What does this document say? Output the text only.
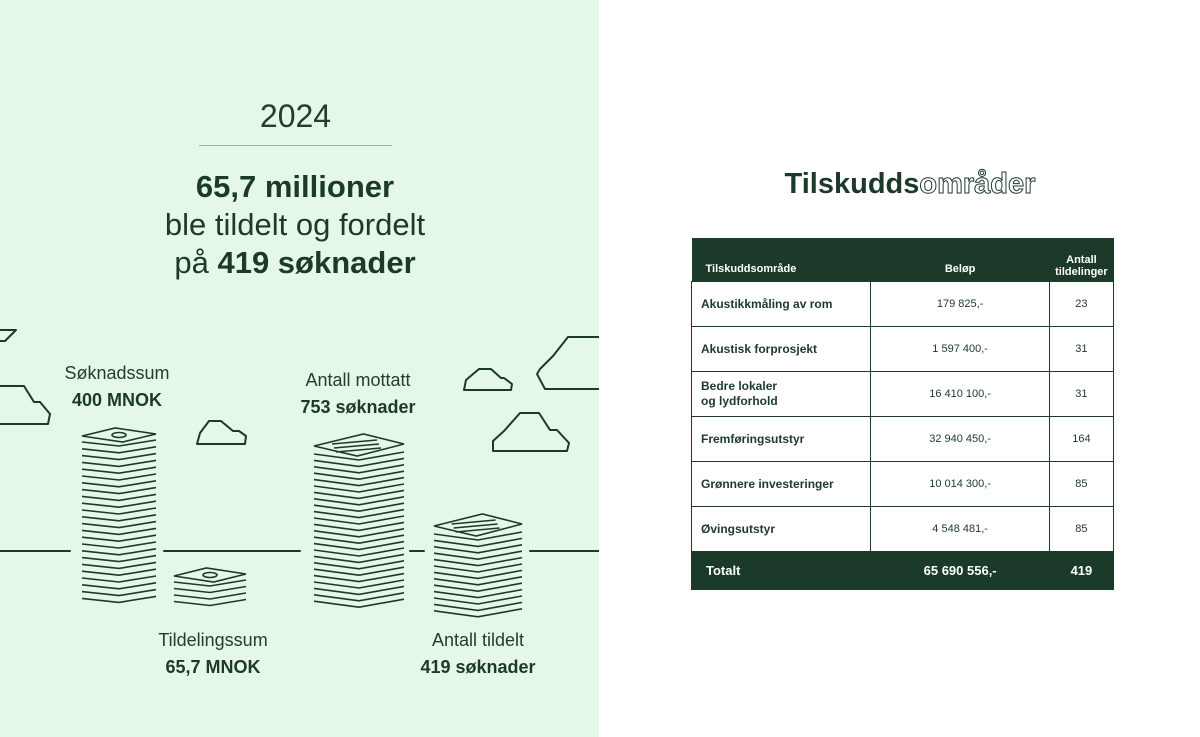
2024
65,7 millioner
ble tildelt og fordelt
på 419 søknader
Søknadssum
400 MNOK
Antall mottatt
753 søknader
Tildelingssum
65,7 MNOK
Antall tildelt
419 søknader
Tilskuddsområder
Tilskuddsområde	Beløp	Antall
tildelinger
Akustikkmåling av rom	179 825,-	23
Akustisk forprosjekt	1 597 400,-	31
Bedre lokaler
og lydforhold	16 410 100,-	31
Fremføringsutstyr	32 940 450,-	164
Grønnere investeringer	10 014 300,-	85
Øvingsutstyr	4 548 481,-	85
Totalt	65 690 556,-	419
